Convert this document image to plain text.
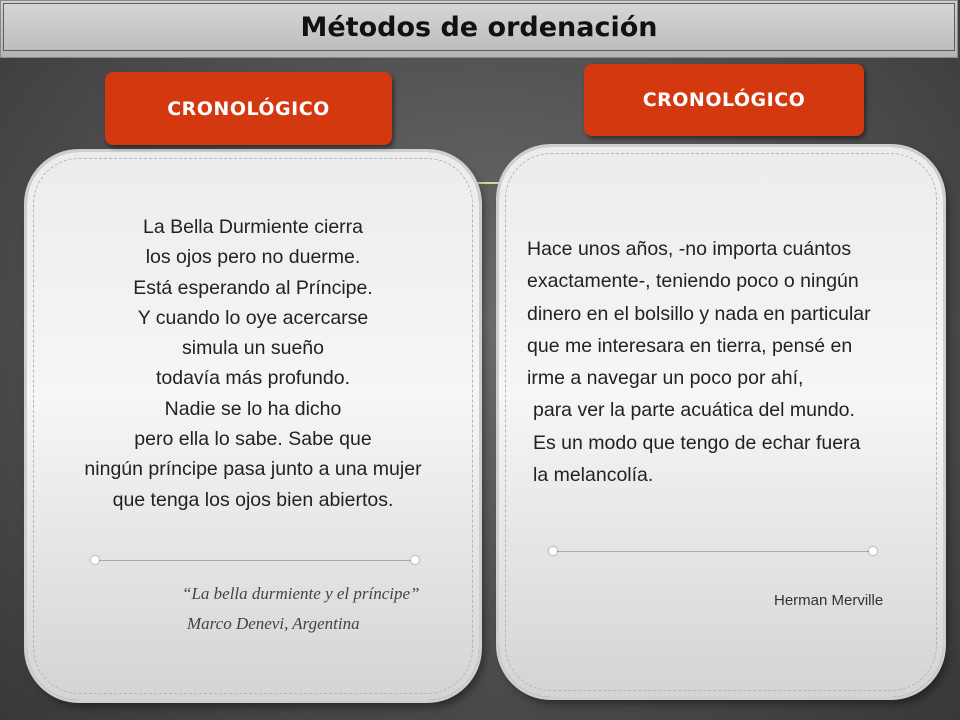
Métodos de ordenación
La Bella Durmiente cierra
los ojos pero no duerme.
Está esperando al Príncipe.
Y cuando lo oye acercarse
simula un sueño
todavía más profundo.
Nadie se lo ha dicho
pero ella lo sabe. Sabe que
ningún príncipe pasa junto a una mujer
que tenga los ojos bien abiertos.
“La bella durmiente y el príncipe”
Marco Denevi, Argentina
Hace unos años, -no importa cuántos
exactamente-, teniendo poco o ningún
dinero en el bolsillo y nada en particular
que me interesara en tierra, pensé en
irme a navegar un poco por ahí,
para ver la parte acuática del mundo.
Es un modo que tengo de echar fuera
la melancolía.
Herman Merville
CRONOLÓGICO	CRONOLÓGICO
